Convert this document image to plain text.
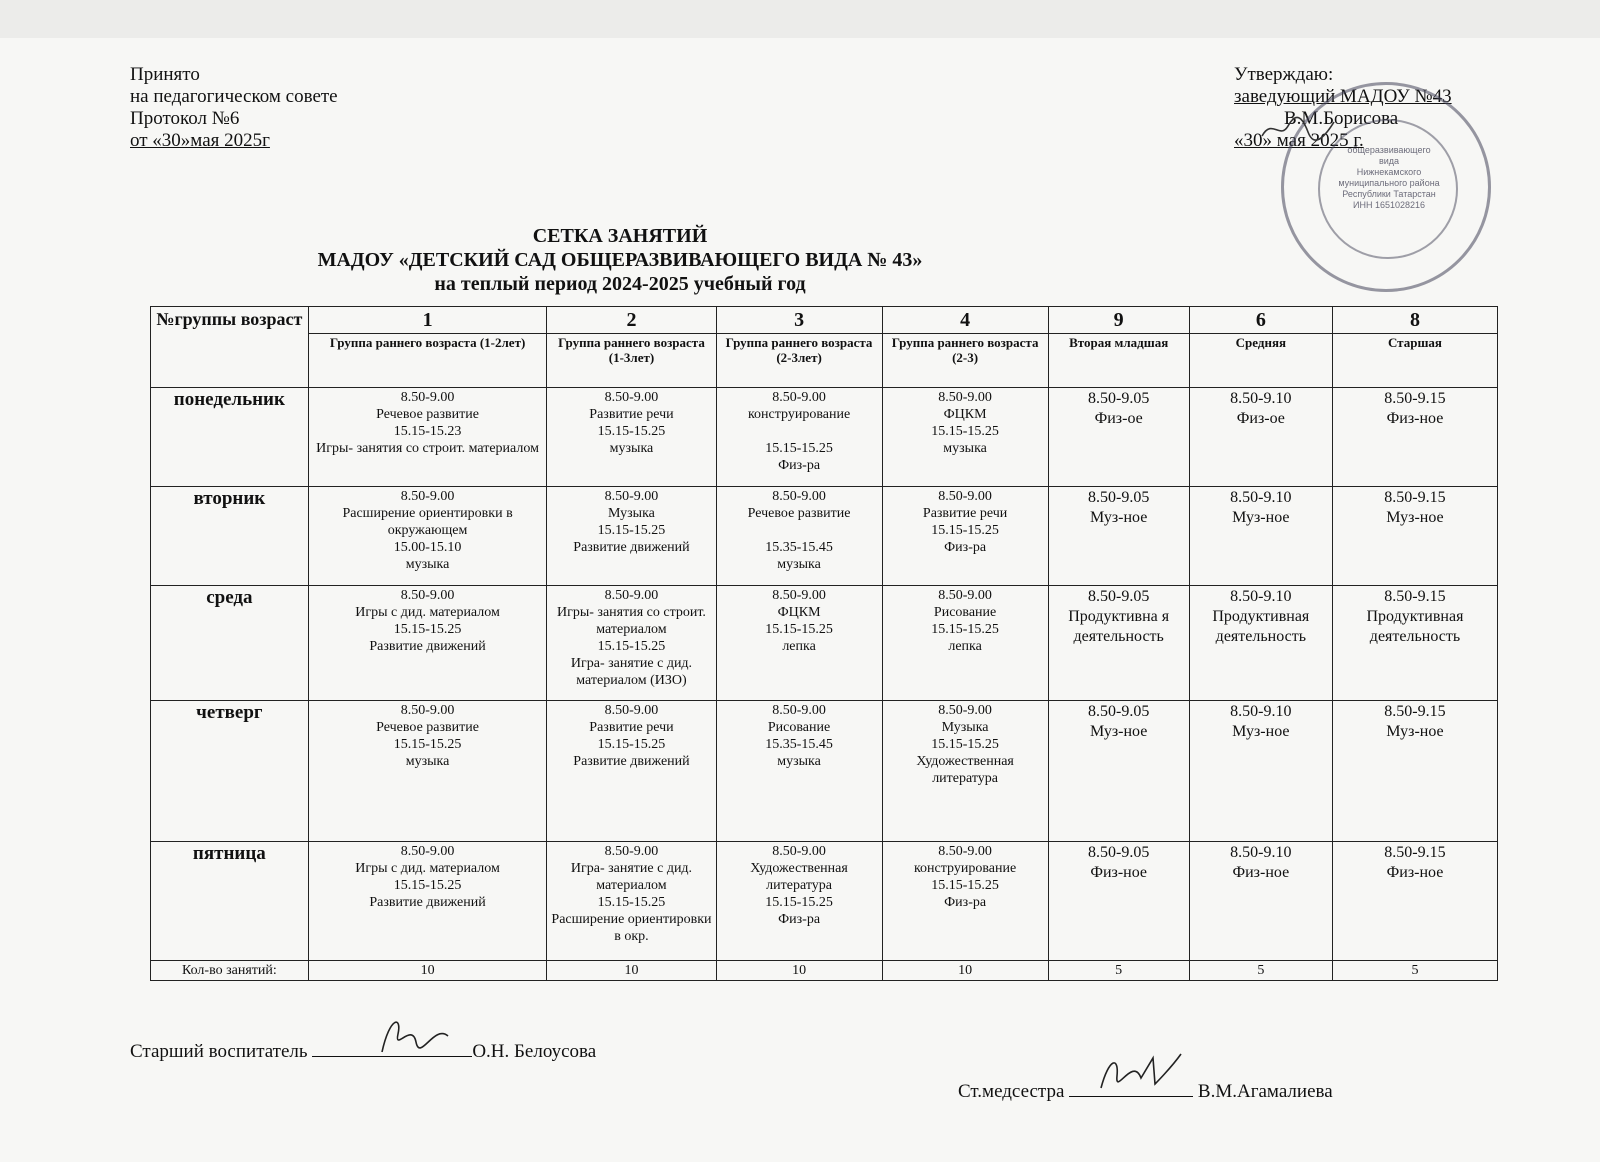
Принято
на педагогическом совете
Протокол №6
от «30»мая 2025г
Утверждаю:
заведующий МАДОУ №43
В.М.Борисова
«30» мая 2025 г.
общеразвивающего
вида
Нижнекамского муниципального района
Республики Татарстан
ИНН 1651028216
СЕТКА ЗАНЯТИЙ
МАДОУ «ДЕТСКИЙ САД ОБЩЕРАЗВИВАЮЩЕГО ВИДА № 43»
на теплый период 2024-2025 учебный год
№группы возраст	1	2	3	4	9	6	8
	Группа раннего возраста (1-2лет)	Группа раннего возраста (1-3лет)	Группа раннего возраста (2-3лет)	Группа раннего возраста (2-3)	Вторая младшая	Средняя	Старшая
понедельник	8.50-9.00
Речевое развитие
15.15-15.23
Игры- занятия со строит. материалом	8.50-9.00
Развитие речи
15.15-15.25
музыка	8.50-9.00
конструирование

15.15-15.25
Физ-ра	8.50-9.00
ФЦКМ
15.15-15.25
музыка	8.50-9.05
Физ-ое	8.50-9.10
Физ-ое	8.50-9.15
Физ-ное

вторник	8.50-9.00
Расширение ориентировки в окружающем
15.00-15.10
музыка	8.50-9.00
Музыка
15.15-15.25
Развитие движений	8.50-9.00
Речевое развитие

15.35-15.45
музыка	8.50-9.00
Развитие речи
15.15-15.25
Физ-ра	8.50-9.05
Муз-ное	8.50-9.10
Муз-ное	8.50-9.15
Муз-ное

среда	8.50-9.00
Игры с дид. материалом
15.15-15.25
Развитие движений	8.50-9.00
Игры- занятия со строит. материалом
15.15-15.25
Игра- занятие с дид. материалом (ИЗО)	8.50-9.00
ФЦКМ
15.15-15.25
лепка	8.50-9.00
Рисование
15.15-15.25
лепка	8.50-9.05
Продуктивна я деятельность	8.50-9.10
Продуктивная деятельность	8.50-9.15
Продуктивная деятельность

четверг	8.50-9.00
Речевое развитие
15.15-15.25
музыка	8.50-9.00
Развитие речи
15.15-15.25
Развитие движений	8.50-9.00
Рисование
15.35-15.45
музыка	8.50-9.00
Музыка
15.15-15.25
Художественная литература	8.50-9.05
Муз-ное	8.50-9.10
Муз-ное	8.50-9.15
Муз-ное

пятница	8.50-9.00
Игры с дид. материалом
15.15-15.25
Развитие движений	8.50-9.00
Игра- занятие с дид. материалом
15.15-15.25
Расширение ориентировки в окр.	8.50-9.00
Художественная литература
15.15-15.25
Физ-ра	8.50-9.00
конструирование
15.15-15.25
Физ-ра	8.50-9.05
Физ-ное	8.50-9.10
Физ-ное	8.50-9.15
Физ-ное

Кол-во занятий:	10	10	10	10	5	5	5
Старший воспитатель	О.Н. Белоусова
Ст.медсестра	В.М.Агамалиева
